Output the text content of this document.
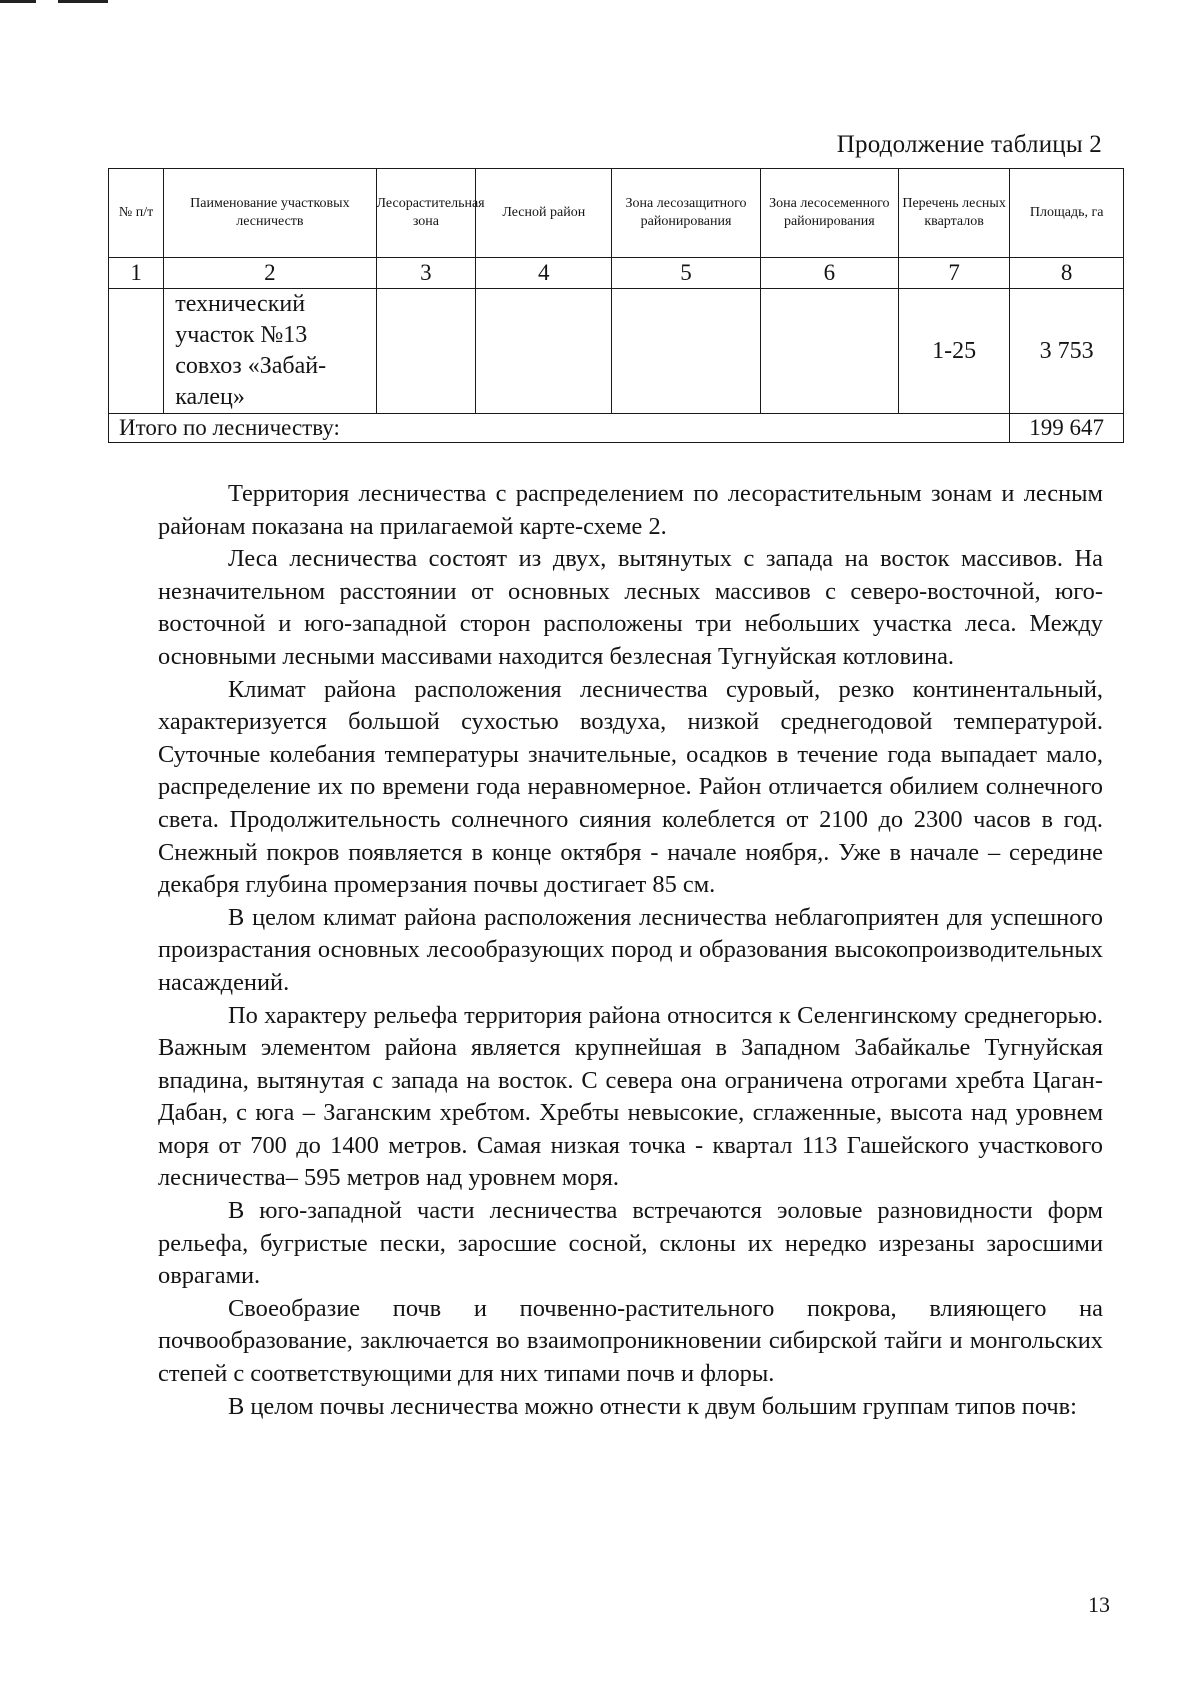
Продолжение таблицы 2
№ п/т	Паименование участковых лесничеств	Лесорастительная зона	Лесной район	Зона лесозащитного районирования	Зона лесосеменного районирования	Перечень лесных кварталов	Площадь, га
1	2	3	4	5	6	7	8

	технический
участок №13
совхоз «Забай-
калец»					1-25	3 753
Итого по лесничеству:							199 647

Территория лесничества с распределением по лесорастительным зонам и лесным районам показана на прилагаемой карте-схеме 2.

Леса лесничества состоят из двух, вытянутых с запада на восток массивов. На незначительном расстоянии от основных лесных массивов с северо-восточной, юго-восточной и юго-западной сторон расположены три небольших участка леса. Между основными лесными массивами находится безлесная Тугнуйская котловина.

Климат района расположения лесничества суровый, резко континентальный, характеризуется большой сухостью воздуха, низкой среднегодовой температурой. Суточные колебания температуры значительные, осадков в течение года выпадает мало, распределение их по времени года неравномерное. Район отличается обилием солнечного света. Продолжительность солнечного сияния колеблется от 2100 до 2300 часов в год. Снежный покров появляется в конце октября - начале ноября,. Уже в начале – середине декабря глубина промерзания почвы достигает 85 см.

В целом климат района расположения лесничества неблагоприятен для успешного произрастания основных лесообразующих пород и образования высокопроизводительных насаждений.

По характеру рельефа территория района относится к Селенгинскому среднегорью. Важным элементом района является крупнейшая в Западном Забайкалье Тугнуйская впадина, вытянутая с запада на восток. С севера она ограничена отрогами хребта Цаган-Дабан, с юга – Заганским хребтом. Хребты невысокие, сглаженные, высота над уровнем моря от 700 до 1400 метров. Самая низкая точка - квартал 113 Гашейского участкового лесничества– 595 метров над уровнем моря.

В юго-западной части лесничества встречаются эоловые разновидности форм рельефа, бугристые пески, заросшие сосной, склоны их нередко изрезаны заросшими оврагами.

Своеобразие почв и почвенно-растительного покрова, влияющего на почвообразование, заключается во взаимопроникновении сибирской тайги и монгольских степей с соответствующими для них типами почв и флоры.

В целом почвы лесничества можно отнести к двум большим группам типов почв:

13
